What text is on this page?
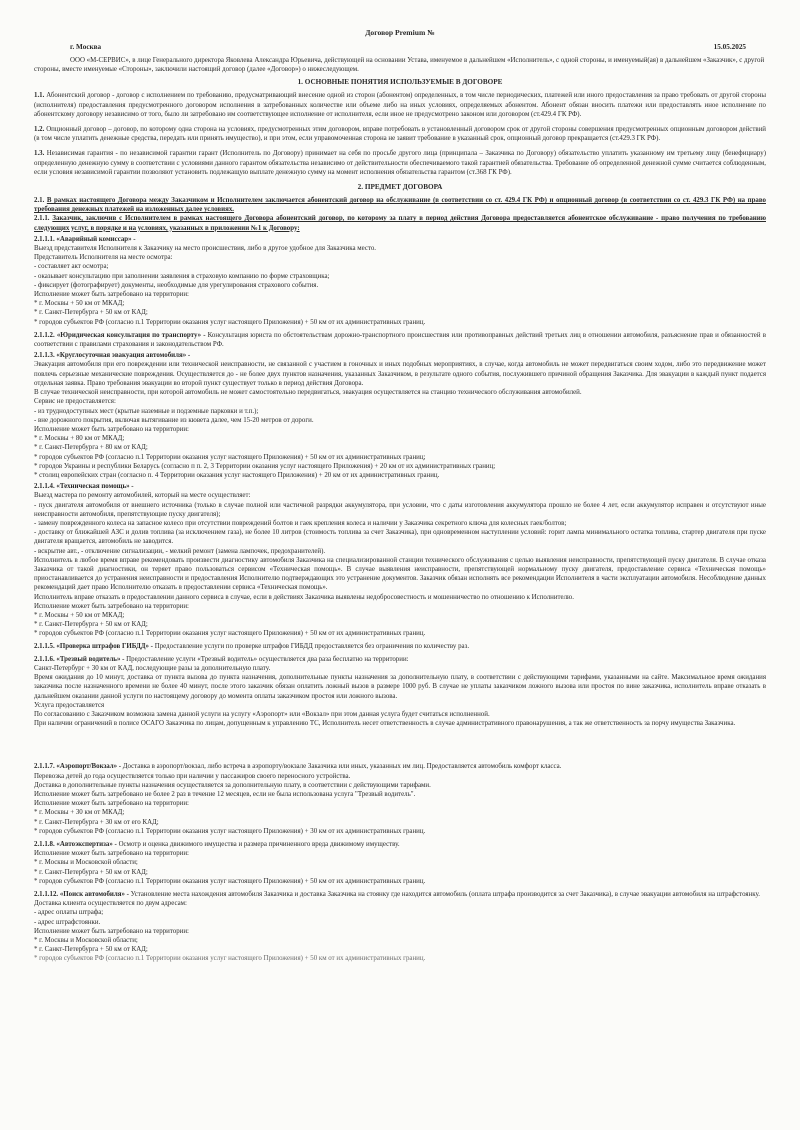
Договор Premium №
г. Москва	15.05.2025

ООО «М-СЕРВИС», в лице Генерального директора Яковлева Александра Юрьевича, действующей на основании Устава, именуемое в дальнейшем «Исполнитель», с одной стороны, и именуемый(ая) в дальнейшем «Заказчик», с другой стороны, вместе именуемые «Стороны», заключили настоящий договор (далее «Договор») о нижеследующем.

1. ОСНОВНЫЕ ПОНЯТИЯ ИСПОЛЬЗУЕМЫЕ В ДОГОВОРЕ

1.1. Абонентский договор - договор с исполнением по требованию, предусматривающий внесение одной из сторон (абонентом) определенных, в том числе периодических, платежей или иного предоставления за право требовать от другой стороны (исполнителя) предоставления предусмотренного договором исполнения в затребованных количестве или объеме либо на иных условиях, определяемых абонентом. Абонент обязан вносить платежи или предоставлять иное исполнение по абонентскому договору независимо от того, было ли затребовано им соответствующее исполнение от исполнителя, если иное не предусмотрено законом или договором (ст.429.4 ГК РФ).

1.2. Опционный договор – договор, по которому одна сторона на условиях, предусмотренных этим договором, вправе потребовать в установленный договором срок от другой стороны совершения предусмотренных опционным договором действий (в том числе уплатить денежные средства, передать или принять имущество), и при этом, если управомоченная сторона не заявит требование в указанный срок, опционный договор прекращается (ст.429.3 ГК РФ).

1.3. Независимая гарантия - по независимой гарантии гарант (Исполнитель по Договору) принимает на себя по просьбе другого лица (принципала – Заказчика по Договору) обязательство уплатить указанному им третьему лицу (бенефициару) определенную денежную сумму в соответствии с условиями данного гарантом обязательства независимо от действительности обеспечиваемого такой гарантией обязательства. Требование об определенной денежной сумме считается соблюденным, если условия независимой гарантии позволяют установить подлежащую выплате денежную сумму на момент исполнения обязательства гарантом (ст.368 ГК РФ).

2. ПРЕДМЕТ ДОГОВОРА

2.1. В рамках настоящего Договора между Заказчиком и Исполнителем заключается абонентский договор на обслуживание (в соответствии со ст. 429.4 ГК РФ) и опционный договор (в соответствии со ст. 429.3 ГК РФ) на право требования денежных платежей на изложенных далее условиях.

2.1.1. Заказчик, заключив с Исполнителем в рамках настоящего Договора абонентский договор, по которому за плату в период действия Договора предоставляется абонентское обслуживание - право получения по требованию следующих услуг, в порядке и на условиях, указанных в приложении №1 к Договору:

2.1.1.1. «Аварийный комиссар» -

Выезд представителя Исполнителя к Заказчику на место происшествия, либо в другое удобное для Заказчика место.

Представитель Исполнителя на месте осмотра:

- составляет акт осмотра;

- оказывает консультацию при заполнении заявления в страховую компанию по форме страховщика;

- фиксирует (фотографирует) документы, необходимые для урегулирования страхового события.

Исполнение может быть затребовано на территории:

* г. Москвы + 50 км от МКАД;

* г. Санкт-Петербурга + 50 км от КАД;

* городов субъектов РФ (согласно п.1 Территории оказания услуг настоящего Приложения) + 50 км от их административных границ.

2.1.1.2. «Юридическая консультация по транспорту» - Консультация юриста по обстоятельствам дорожно-транспортного происшествия или противоправных действий третьих лиц в отношении автомобиля, разъяснение прав и обязанностей в соответствии с правилами страхования и законодательством РФ.

2.1.1.3. «Круглосуточная эвакуация автомобиля» -

Эвакуация автомобиля при его повреждении или технической неисправности, не связанной с участием в гоночных и иных подобных мероприятиях, в случае, когда автомобиль не может передвигаться своим ходом, либо это передвижение может повлечь серьезные механические повреждения. Осуществляется до - не более двух пунктов назначения, указанных Заказчиком, в результате одного события, послужившего причиной обращения Заказчика. Для эвакуации в каждый пункт подается отдельная заявка. Право требования эвакуации во второй пункт существует только в период действия Договора.

В случае технической неисправности, при которой автомобиль не может самостоятельно передвигаться, эвакуация осуществляется на станцию технического обслуживания автомобилей.

Сервис не предоставляется:

- из труднодоступных мест (крытые наземные и подземные парковки и т.п.);

- вне дорожного покрытия, включая вытягивание из кювета далее, чем 15-20 метров от дороги.

Исполнение может быть затребовано на территории:

* г. Москвы + 80 км от МКАД;

* г. Санкт-Петербурга + 80 км от КАД;

* городов субъектов РФ (согласно п.1 Территории оказания услуг настоящего Приложения) + 50 км от их административных границ;

* городов Украины и республики Беларусь (согласно п п. 2, 3 Территории оказания услуг настоящего Приложения) + 20 км от их административных границ;

* столиц европейских стран (согласно п. 4 Территории оказания услуг настоящего Приложения) + 20 км от их административных границ.

2.1.1.4. «Техническая помощь» -

Выезд мастера по ремонту автомобилей, который на месте осуществляет:

- пуск двигателя автомобиля от внешнего источника (только в случае полной или частичной разрядки аккумулятора, при условии, что с даты изготовления аккумулятора прошло не более 4 лет, если аккумулятор исправен и отсутствуют иные неисправности автомобиля, препятствующие пуску двигателя);

- замену поврежденного колеса на запасное колесо при отсутствии повреждений болтов и гаек крепления колеса и наличии у Заказчика секретного ключа для колесных гаек/болтов;

- доставку от ближайшей АЗС и долив топлива (за исключением газа), не более 10 литров (стоимость топлива за счет Заказчика), при одновременном наступлении условий: горит лампа минимального остатка топлива, стартер двигателя при пуске двигателя вращается, автомобиль не заводится.

- вскрытие авт., - отключение сигнализации, - мелкий ремонт (замена лампочек, предохранителей).

Исполнитель в любое время вправе рекомендовать произвести диагностику автомобиля Заказчика на специализированной станции технического обслуживания с целью выявления неисправности, препятствующей пуску двигателя. В случае отказа Заказчика от такой диагностики, он теряет право пользоваться сервисом «Техническая помощь». В случае выявления неисправности, препятствующей нормальному пуску двигателя, предоставление сервиса «Техническая помощь» приостанавливается до устранения неисправности и предоставления Исполнителю подтверждающих это устранение документов. Заказчик обязан исполнять все рекомендации Исполнителя в части эксплуатации автомобиля. Несоблюдение данных рекомендаций дает право Исполнителю отказать в предоставлении сервиса «Техническая помощь».

Исполнитель вправе отказать в предоставлении данного сервиса в случае, если в действиях Заказчика выявлены недобросовестность и мошенничество по отношению к Исполнителю.

Исполнение может быть затребовано на территории:

* г. Москвы + 50 км от МКАД;

* г. Санкт-Петербурга + 50 км от КАД;

* городов субъектов РФ (согласно п.1 Территории оказания услуг настоящего Приложения) + 50 км от их административных границ.

2.1.1.5. «Проверка штрафов ГИБДД» - Предоставление услуги по проверке штрафов ГИБДД предоставляется без ограничения по количеству раз.

2.1.1.6. «Трезвый водитель» - Предоставление услуги «Трезвый водитель» осуществляется два раза бесплатно на территории:

Санкт-Петербург + 30 км от КАД, последующие разы за дополнительную плату.

Время ожидания до 10 минут, доставка от пункта вызова до пункта назначения, дополнительные пункты назначения за дополнительную плату, в соответствии с действующими тарифами, указанными на сайте. Максимальное время ожидания заказчика после назначенного времени не более 40 минут, после этого заказчик обязан оплатить ложный вызов в размере 1000 руб. В случае не уплаты заказчиком ложного вызова или простоя по вине заказчика, исполнитель вправе отказать в дальнейшем оказании данной услуги по настоящему договору до момента оплаты заказчиком простоя или ложного вызова.

Услуга предоставляется

По согласованию с Заказчиком возможна замена данной услуги на услугу «Аэропорт» или «Вокзал» при этом данная услуга будет считаться исполненной.

При наличии ограничений в полисе ОСАГО Заказчика по лицам, допущенным к управлению ТС, Исполнитель несет ответственность в случае административного правонарушения, а так же ответственность за порчу имущества Заказчика.

2.1.1.7. «Аэропорт/Вокзал» - Доставка в аэропорт/вокзал, либо встреча в аэропорту/вокзале Заказчика или иных, указанных им лиц. Предоставляется автомобиль комфорт класса.

Перевозка детей до года осуществляется только при наличии у пассажиров своего переносного устройства.

Доставка в дополнительные пункты назначения осуществляется за дополнительную плату, в соответствии с действующими тарифами.

Исполнение может быть затребовано не более 2 раз в течение 12 месяцев, если не была использована услуга "Трезвый водитель".

Исполнение может быть затребовано на территории:

* г. Москвы + 30 км от МКАД;

* г. Санкт-Петербурга + 30 км от его КАД;

* городов субъектов РФ (согласно п.1 Территории оказания услуг настоящего Приложения) + 30 км от их административных границ.

2.1.1.8. «Автоэкспертиза» - Осмотр и оценка движимого имущества и размера причиненного вреда движимому имуществу.

Исполнение может быть затребовано на территории:

* г. Москвы и Московской области;

* г. Санкт-Петербурга + 50 км от КАД;

* городов субъектов РФ (согласно п.1 Территории оказания услуг настоящего Приложения) + 50 км от их административных границ.

2.1.1.12. «Поиск автомобиля» - Установление места нахождения автомобиля Заказчика и доставка Заказчика на стоянку где находится автомобиль (оплата штрафа производится за счет Заказчика), в случае эвакуации автомобиля на штрафстоянку.

Доставка клиента осуществляется по двум адресам:

- адрес оплаты штрафа;

- адрес штрафстоянки.

Исполнение может быть затребовано на территории:

* г. Москвы и Московской области;

* г. Санкт-Петербурга + 50 км от КАД;

* городов субъектов РФ (согласно п.1 Территории оказания услуг настоящего Приложения) + 50 км от их административных границ.
